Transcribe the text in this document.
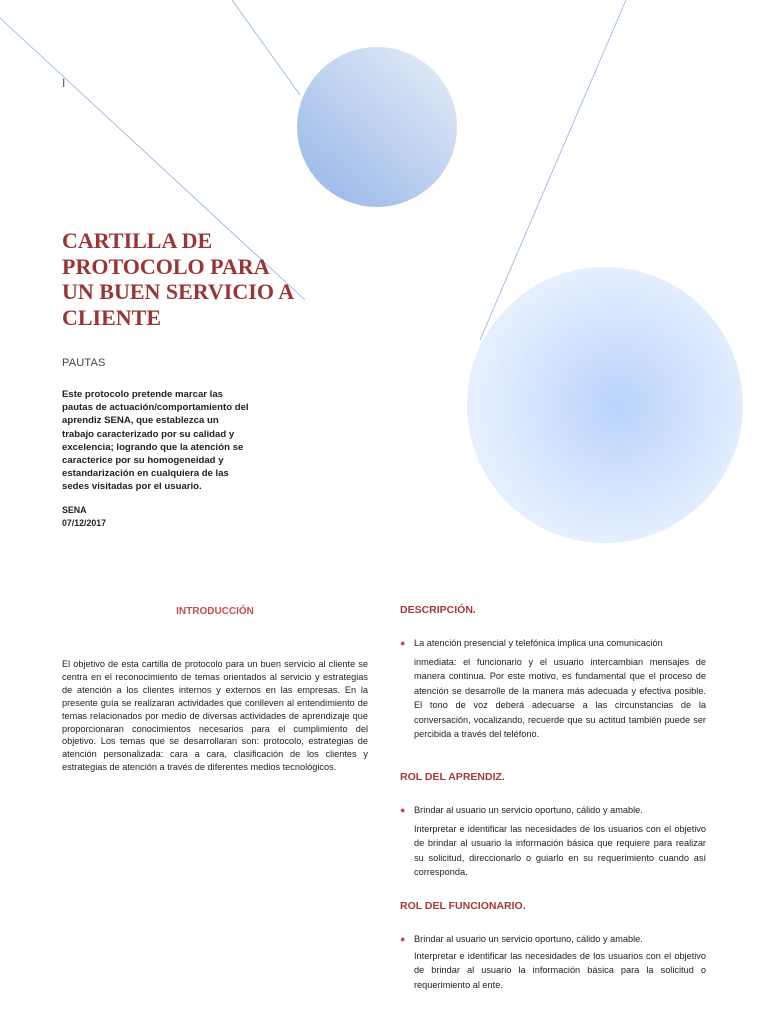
I
CARTILLA DE PROTOCOLO PARA UN BUEN SERVICIO A CLIENTE
PAUTAS

Este protocolo pretende marcar las pautas de actuación/comportamiento del aprendiz SENA, que establezca un trabajo caracterizado por su calidad y excelencia; logrando que la atención se caracterice por su homogeneidad y estandarización en cualquiera de las sedes visitadas por el usuario.

SENA
07/12/2017
INTRODUCCIÓN

El objetivo de esta cartilla de protocolo para un buen servicio al cliente se centra en el reconocimiento de temas orientados al servicio y estrategias de atención a los clientes internos y externos en las empresas. En la presente guía se realizaran actividades que conlleven al entendimiento de temas relacionados por medio de diversas actividades de aprendizaje que proporcionaran conocimientos necesarios para el cumplimiento del objetivo. Los temas que se desarrollaran son: protocolo, estrategias de atención personalizada: cara a cara, clasificación de los clientes y estrategias de atención a través de diferentes medios tecnológicos.

DESCRIPCIÓN.
● La atención presencial y telefónica implica una comunicación

inmediata: el funcionario y el usuario intercambian mensajes de manera continua. Por este motivo, es fundamental que el proceso de atención se desarrolle de la manera más adecuada y efectiva posible. El tono de voz deberá adecuarse a las circunstancias de la conversación, vocalizando, recuerde que su actitud también puede ser percibida a través del teléfono.

ROL DEL APRENDIZ.
● Brindar al usuario un servicio oportuno, cálido y amable.

Interpretar e identificar las necesidades de los usuarios con el objetivo de brindar al usuario la información básica que requiere para realizar su solicitud, direccionarlo o guiarlo en su requerimiento cuando así corresponda.

ROL DEL FUNCIONARIO.
● Brindar al usuario un servicio oportuno, cálido y amable.

Interpretar e identificar las necesidades de los usuarios con el objetivo de brindar al usuario la información básica para la solicitud o requerimiento al ente.
